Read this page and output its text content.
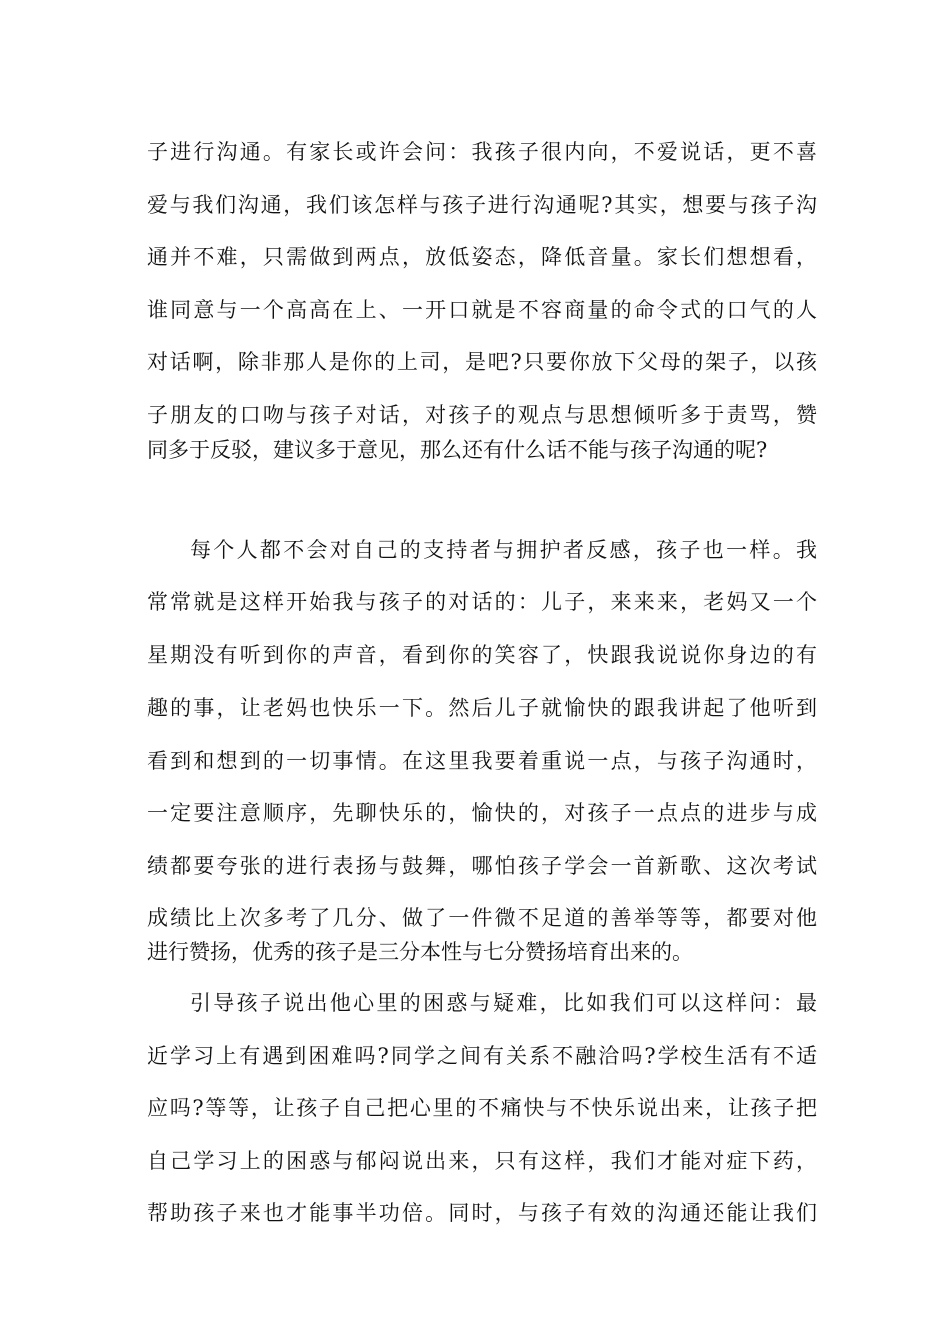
子进行沟通。有家长或许会问：我孩子很内向，不爱说话，更不喜
爱与我们沟通，我们该怎样与孩子进行沟通呢?其实，想要与孩子沟
通并不难，只需做到两点，放低姿态，降低音量。家长们想想看，
谁同意与一个高高在上、一开口就是不容商量的命令式的口气的人
对话啊，除非那人是你的上司，是吧?只要你放下父母的架子，以孩
子朋友的口吻与孩子对话，对孩子的观点与思想倾听多于责骂，赞
同多于反驳，建议多于意见，那么还有什么话不能与孩子沟通的呢?
每个人都不会对自己的支持者与拥护者反感，孩子也一样。我
常常就是这样开始我与孩子的对话的：儿子，来来来，老妈又一个
星期没有听到你的声音，看到你的笑容了，快跟我说说你身边的有
趣的事，让老妈也快乐一下。然后儿子就愉快的跟我讲起了他听到
看到和想到的一切事情。在这里我要着重说一点，与孩子沟通时，
一定要注意顺序，先聊快乐的，愉快的，对孩子一点点的进步与成
绩都要夸张的进行表扬与鼓舞，哪怕孩子学会一首新歌、这次考试
成绩比上次多考了几分、做了一件微不足道的善举等等，都要对他
进行赞扬，优秀的孩子是三分本性与七分赞扬培育出来的。
引导孩子说出他心里的困惑与疑难，比如我们可以这样问：最
近学习上有遇到困难吗?同学之间有关系不融洽吗?学校生活有不适
应吗?等等，让孩子自己把心里的不痛快与不快乐说出来，让孩子把
自己学习上的困惑与郁闷说出来，只有这样，我们才能对症下药，
帮助孩子来也才能事半功倍。同时，与孩子有效的沟通还能让我们
